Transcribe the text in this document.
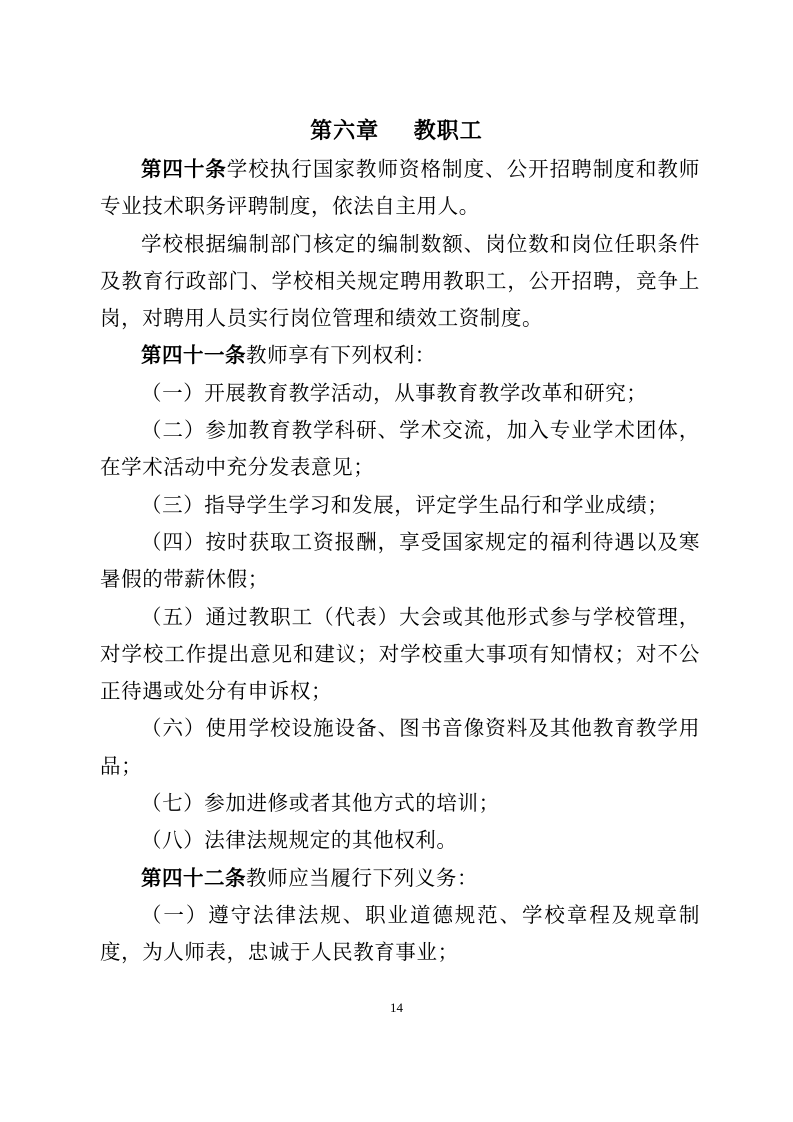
第六章    教职工

第四十条学校执行国家教师资格制度、公开招聘制度和教师专业技术职务评聘制度，依法自主用人。

学校根据编制部门核定的编制数额、岗位数和岗位任职条件及教育行政部门、学校相关规定聘用教职工，公开招聘，竞争上岗，对聘用人员实行岗位管理和绩效工资制度。

第四十一条教师享有下列权利：

（一）开展教育教学活动，从事教育教学改革和研究；

（二）参加教育教学科研、学术交流，加入专业学术团体，在学术活动中充分发表意见；

（三）指导学生学习和发展，评定学生品行和学业成绩；

（四）按时获取工资报酬，享受国家规定的福利待遇以及寒暑假的带薪休假；

（五）通过教职工（代表）大会或其他形式参与学校管理，对学校工作提出意见和建议；对学校重大事项有知情权；对不公正待遇或处分有申诉权；

（六）使用学校设施设备、图书音像资料及其他教育教学用品；

（七）参加进修或者其他方式的培训；

（八）法律法规规定的其他权利。

第四十二条教师应当履行下列义务：

（一）遵守法律法规、职业道德规范、学校章程及规章制度，为人师表，忠诚于人民教育事业；

14
